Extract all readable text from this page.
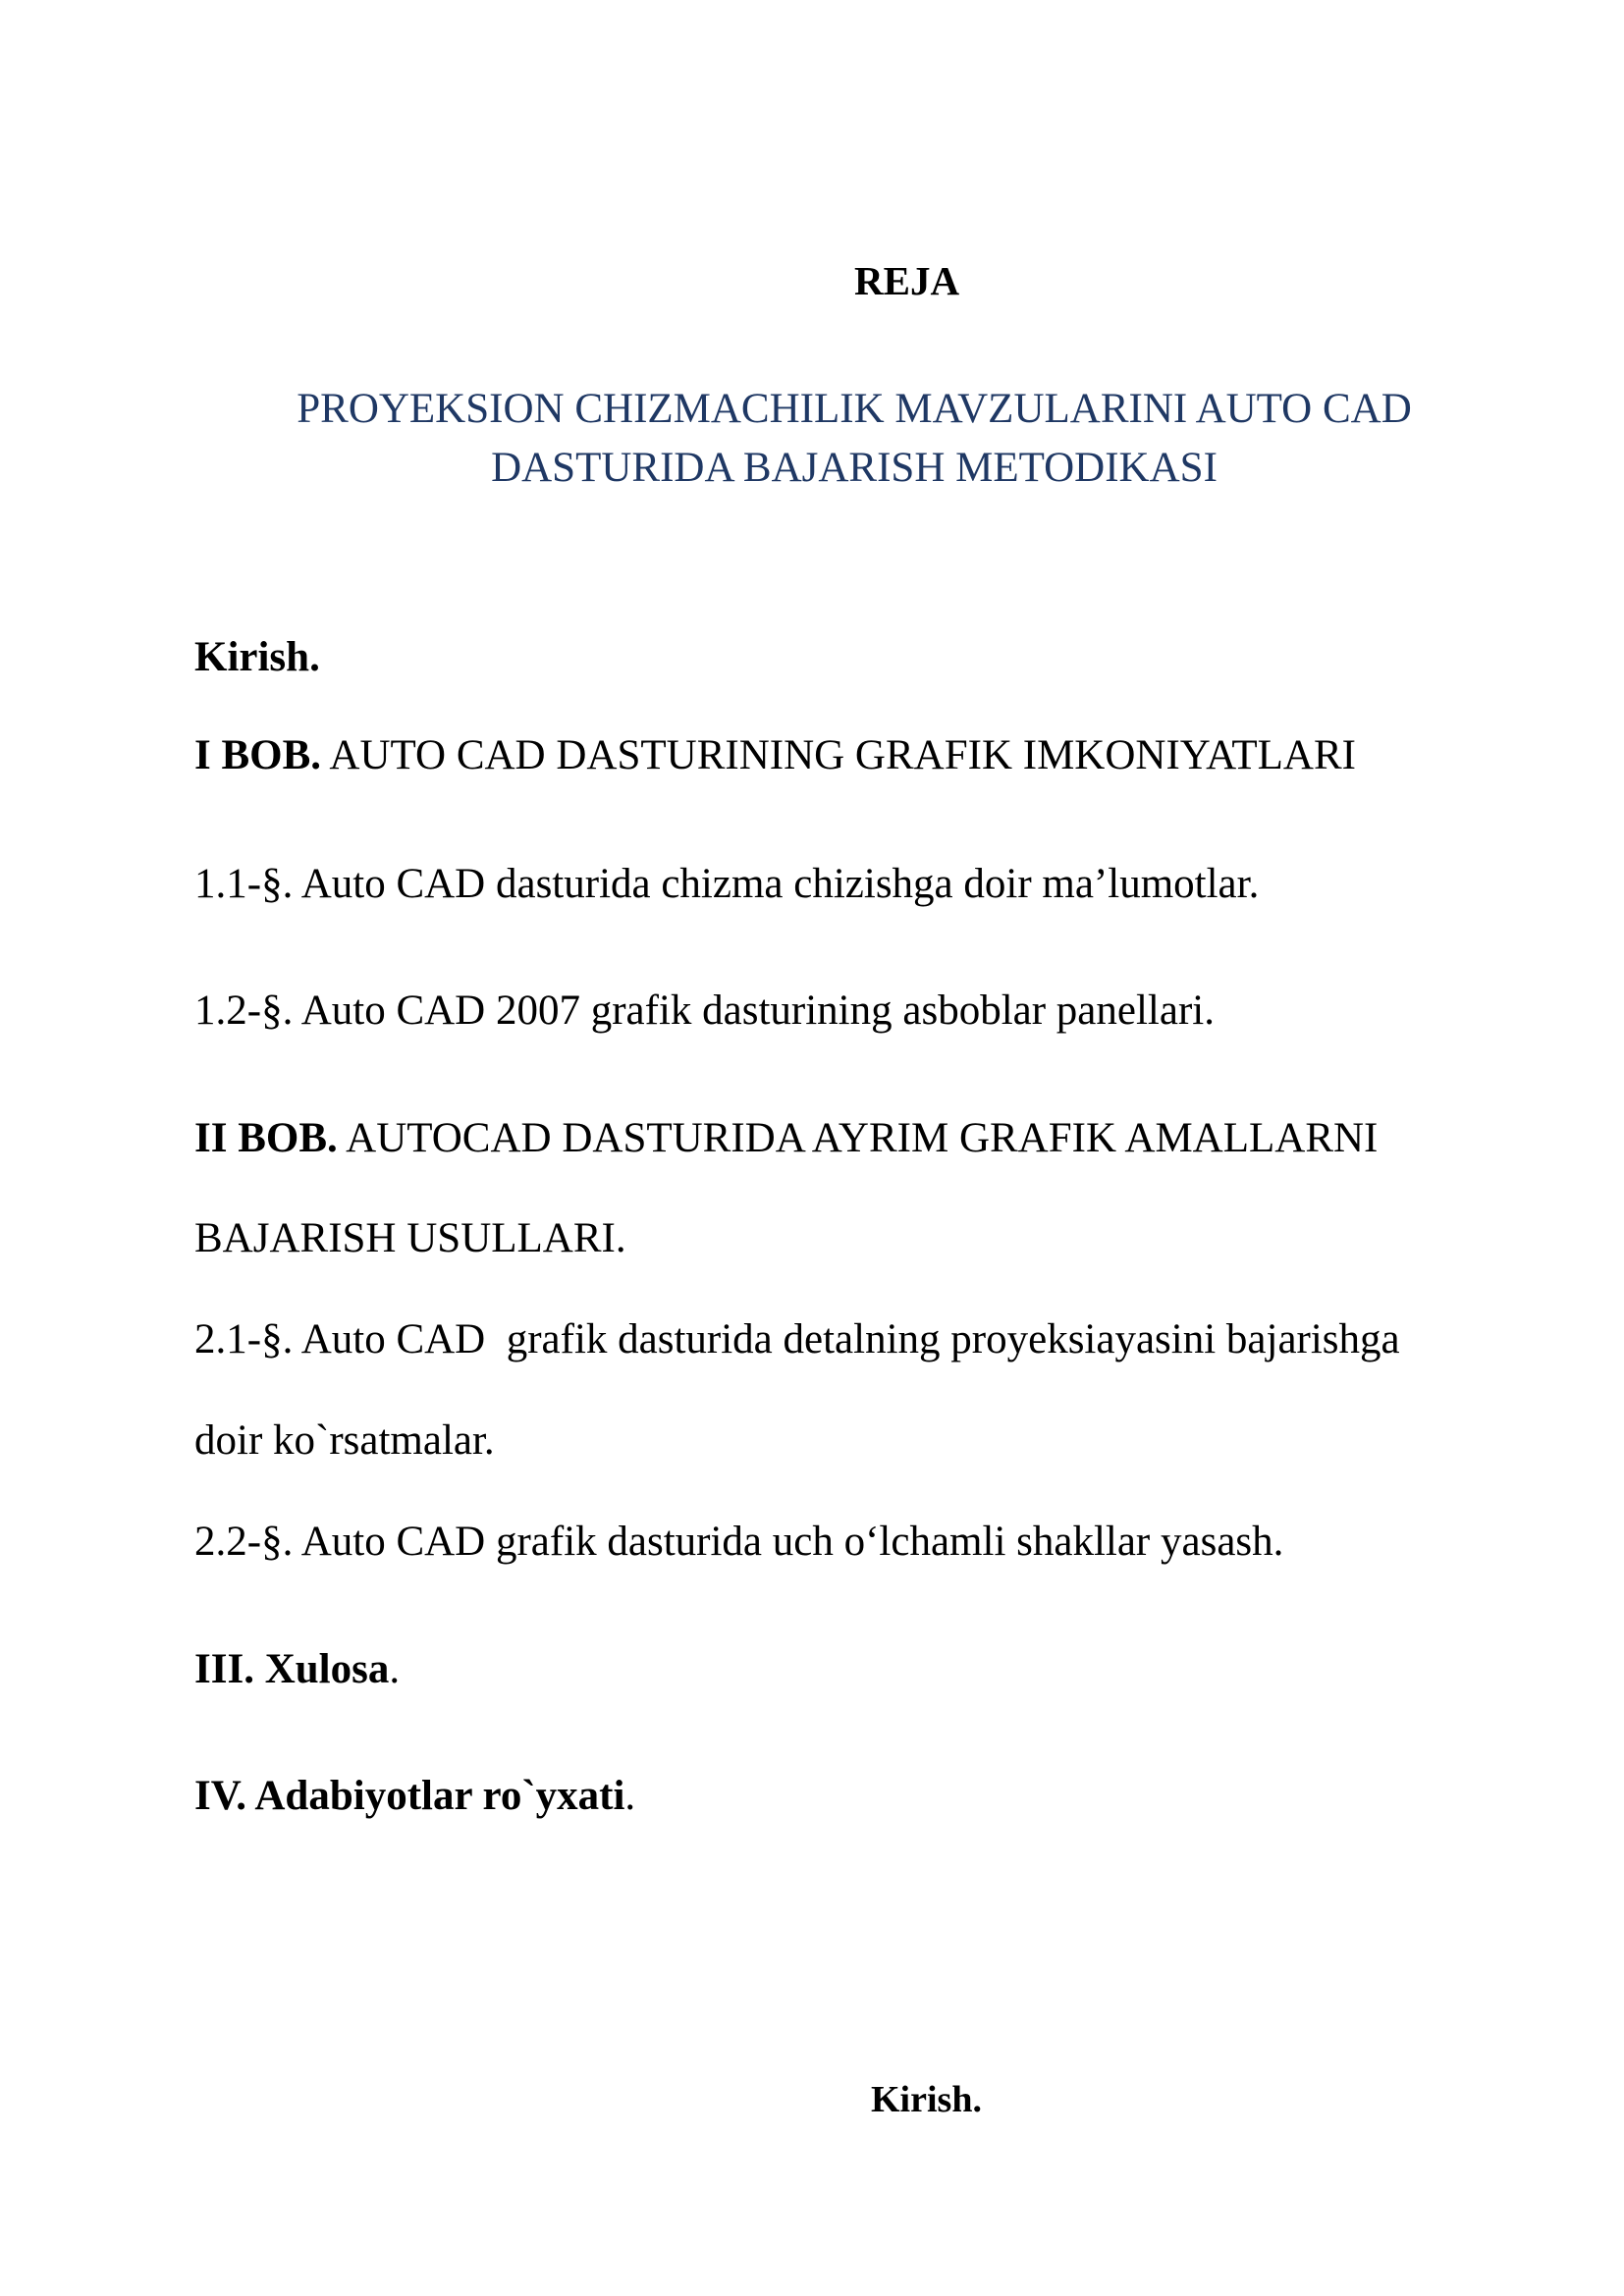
REJA
PROYEKSION CHIZMACHILIK MAVZULARINI AUTO CAD
DASTURIDA BAJARISH METODIKASI
Kirish.
I BOB. AUTO CAD DASTURINING GRAFIK IMKONIYATLARI
1.1-§. Auto CAD dasturida chizma chizishga doir ma’lumotlar.
1.2-§. Auto CAD 2007 grafik dasturining asboblar panellari.
II BOB. AUTOCAD DASTURIDA AYRIM GRAFIK AMALLARNI
BAJARISH USULLARI.
2.1-§. Auto CAD  grafik dasturida detalning proyeksiayasini bajarishga
doir ko`rsatmalar.
2.2-§. Auto CAD grafik dasturida uch o‘lchamli shakllar yasash.
III. Xulosa.
IV. Adabiyotlar ro`yxati.
Kirish.
